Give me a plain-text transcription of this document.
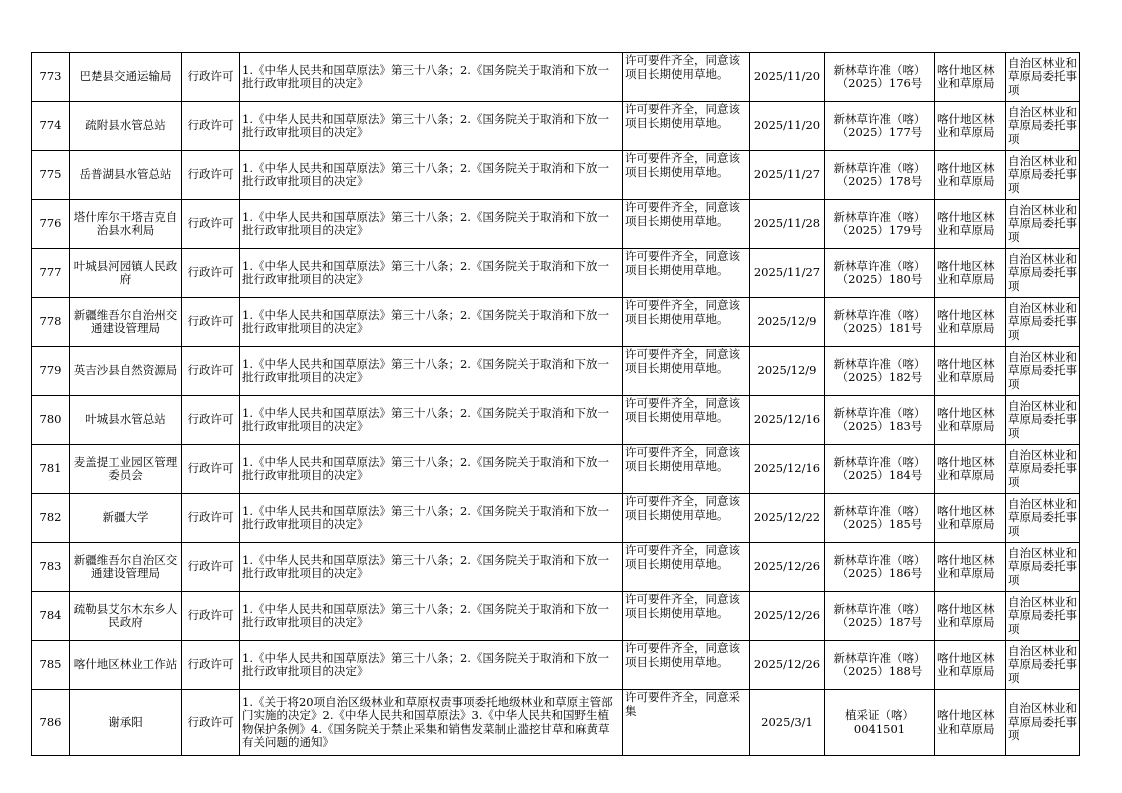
773	巴楚县交通运输局	行政许可	1.《中华人民共和国草原法》第三十八条；2.《国务院关于取消和下放一批行政审批项目的决定》	许可要件齐全，同意该项目长期使用草地。	2025/11/20	新林草许准（喀）（2025）176号	喀什地区林业和草原局	自治区林业和草原局委托事项
774	疏附县水管总站	行政许可	1.《中华人民共和国草原法》第三十八条；2.《国务院关于取消和下放一批行政审批项目的决定》	许可要件齐全，同意该项目长期使用草地。	2025/11/20	新林草许准（喀）（2025）177号	喀什地区林业和草原局	自治区林业和草原局委托事项
775	岳普湖县水管总站	行政许可	1.《中华人民共和国草原法》第三十八条；2.《国务院关于取消和下放一批行政审批项目的决定》	许可要件齐全，同意该项目长期使用草地。	2025/11/27	新林草许准（喀）（2025）178号	喀什地区林业和草原局	自治区林业和草原局委托事项
776	塔什库尔干塔吉克自治县水利局	行政许可	1.《中华人民共和国草原法》第三十八条；2.《国务院关于取消和下放一批行政审批项目的决定》	许可要件齐全，同意该项目长期使用草地。	2025/11/28	新林草许准（喀）（2025）179号	喀什地区林业和草原局	自治区林业和草原局委托事项
777	叶城县河园镇人民政府	行政许可	1.《中华人民共和国草原法》第三十八条；2.《国务院关于取消和下放一批行政审批项目的决定》	许可要件齐全，同意该项目长期使用草地。	2025/11/27	新林草许准（喀）（2025）180号	喀什地区林业和草原局	自治区林业和草原局委托事项
778	新疆维吾尔自治州交通建设管理局	行政许可	1.《中华人民共和国草原法》第三十八条；2.《国务院关于取消和下放一批行政审批项目的决定》	许可要件齐全，同意该项目长期使用草地。	2025/12/9	新林草许准（喀）（2025）181号	喀什地区林业和草原局	自治区林业和草原局委托事项
779	英吉沙县自然资源局	行政许可	1.《中华人民共和国草原法》第三十八条；2.《国务院关于取消和下放一批行政审批项目的决定》	许可要件齐全，同意该项目长期使用草地。	2025/12/9	新林草许准（喀）（2025）182号	喀什地区林业和草原局	自治区林业和草原局委托事项
780	叶城县水管总站	行政许可	1.《中华人民共和国草原法》第三十八条；2.《国务院关于取消和下放一批行政审批项目的决定》	许可要件齐全，同意该项目长期使用草地。	2025/12/16	新林草许准（喀）（2025）183号	喀什地区林业和草原局	自治区林业和草原局委托事项
781	麦盖提工业园区管理委员会	行政许可	1.《中华人民共和国草原法》第三十八条；2.《国务院关于取消和下放一批行政审批项目的决定》	许可要件齐全，同意该项目长期使用草地。	2025/12/16	新林草许准（喀）（2025）184号	喀什地区林业和草原局	自治区林业和草原局委托事项
782	新疆大学	行政许可	1.《中华人民共和国草原法》第三十八条；2.《国务院关于取消和下放一批行政审批项目的决定》	许可要件齐全，同意该项目长期使用草地。	2025/12/22	新林草许准（喀）（2025）185号	喀什地区林业和草原局	自治区林业和草原局委托事项
783	新疆维吾尔自治区交通建设管理局	行政许可	1.《中华人民共和国草原法》第三十八条；2.《国务院关于取消和下放一批行政审批项目的决定》	许可要件齐全，同意该项目长期使用草地。	2025/12/26	新林草许准（喀）（2025）186号	喀什地区林业和草原局	自治区林业和草原局委托事项
784	疏勒县艾尔木东乡人民政府	行政许可	1.《中华人民共和国草原法》第三十八条；2.《国务院关于取消和下放一批行政审批项目的决定》	许可要件齐全，同意该项目长期使用草地。	2025/12/26	新林草许准（喀）（2025）187号	喀什地区林业和草原局	自治区林业和草原局委托事项
785	喀什地区林业工作站	行政许可	1.《中华人民共和国草原法》第三十八条；2.《国务院关于取消和下放一批行政审批项目的决定》	许可要件齐全，同意该项目长期使用草地。	2025/12/26	新林草许准（喀）（2025）188号	喀什地区林业和草原局	自治区林业和草原局委托事项
786	谢承阳	行政许可	1.《关于将20项自治区级林业和草原权责事项委托地级林业和草原主管部门实施的决定》2.《中华人民共和国草原法》3.《中华人民共和国野生植物保护条例》4.《国务院关于禁止采集和销售发菜制止滥挖甘草和麻黄草有关问题的通知》	许可要件齐全，同意采集	2025/3/1	植采证（喀）0041501	喀什地区林业和草原局	自治区林业和草原局委托事项
